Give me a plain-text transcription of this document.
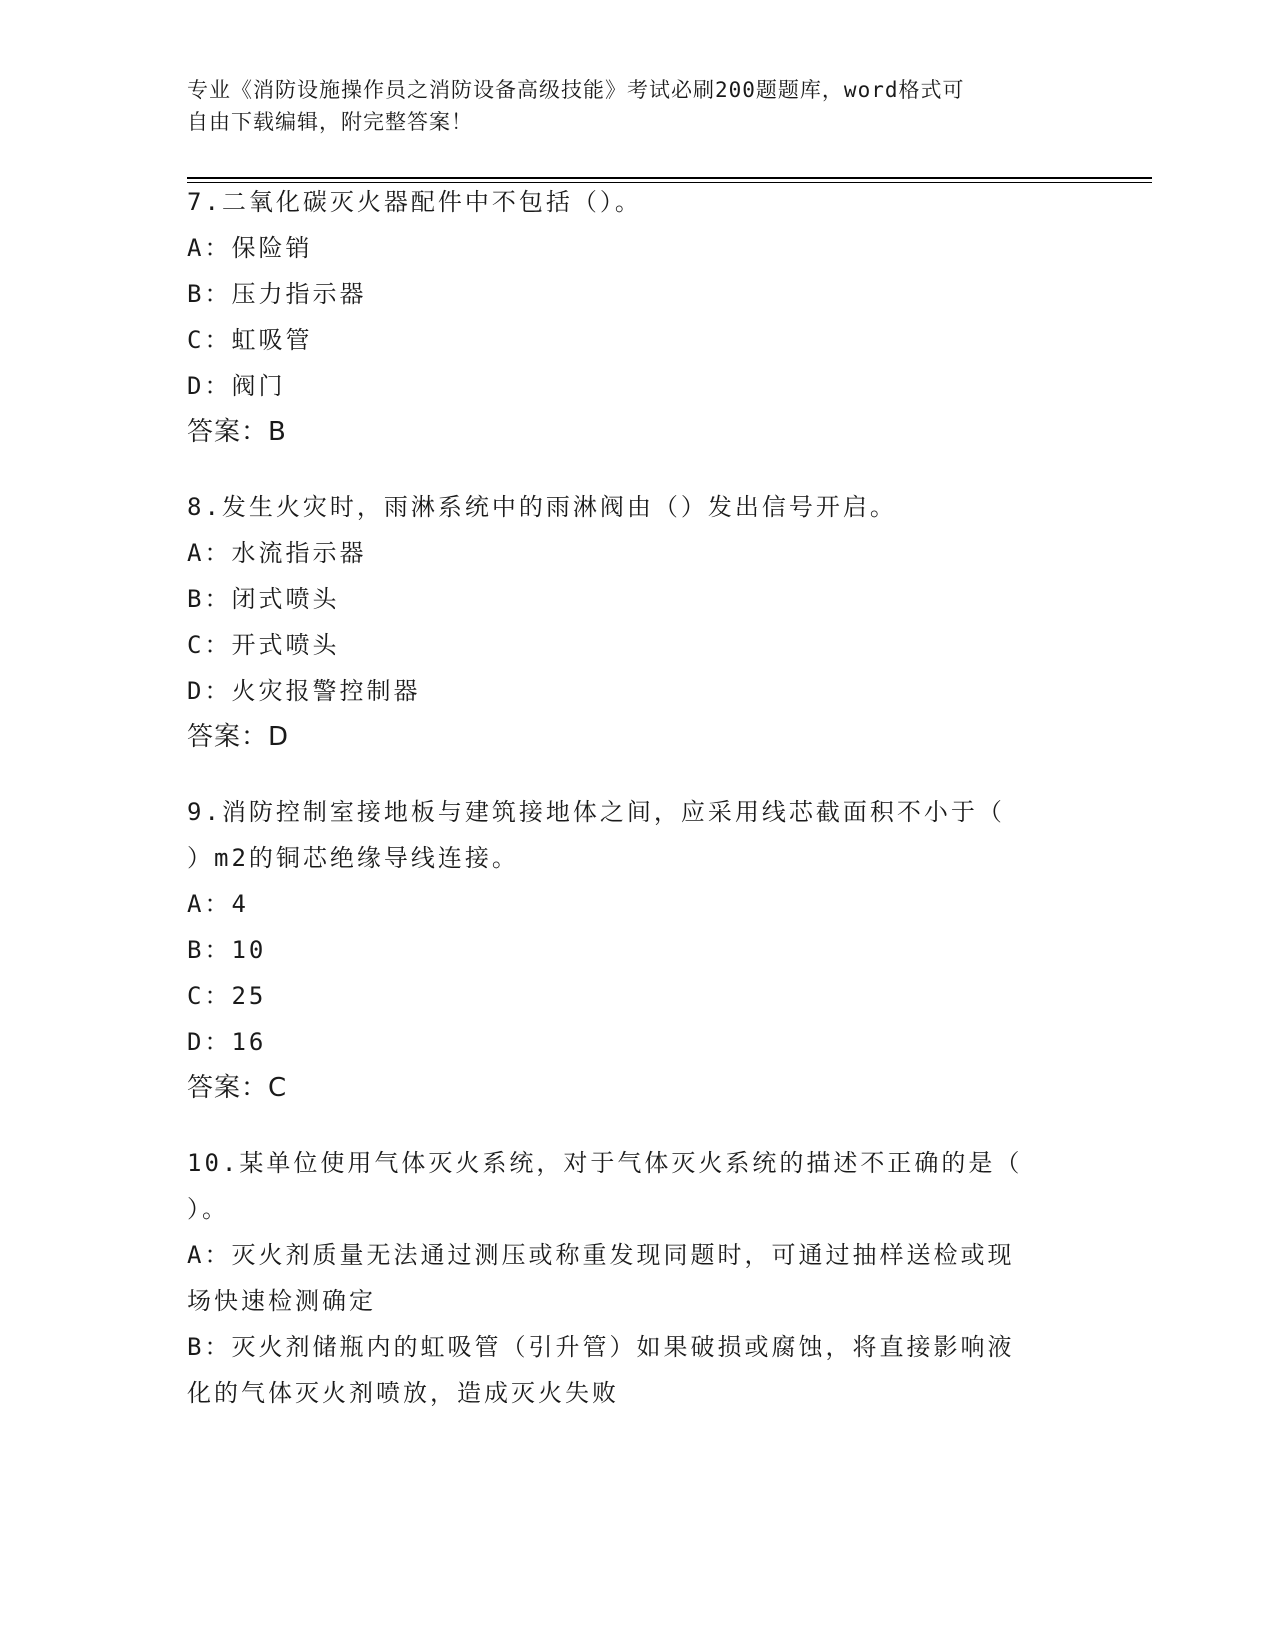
专业《消防设施操作员之消防设备高级技能》考试必刷200题题库，word格式可
自由下载编辑，附完整答案！
7.二氧化碳灭火器配件中不包括（）。
A：保险销
B：压力指示器
C：虹吸管
D：阀门
答案：B
8.发生火灾时，雨淋系统中的雨淋阀由（）发出信号开启。
A：水流指示器
B：闭式喷头
C：开式喷头
D：火灾报警控制器
答案：D
9.消防控制室接地板与建筑接地体之间，应采用线芯截面积不小于（
）m2的铜芯绝缘导线连接。
A：4
B：10
C：25
D：16
答案：C
10.某单位使用气体灭火系统，对于气体灭火系统的描述不正确的是（
）。
A：灭火剂质量无法通过测压或称重发现同题时，可通过抽样送检或现
场快速检测确定
B：灭火剂储瓶内的虹吸管（引升管）如果破损或腐蚀，将直接影响液
化的气体灭火剂喷放，造成灭火失败
